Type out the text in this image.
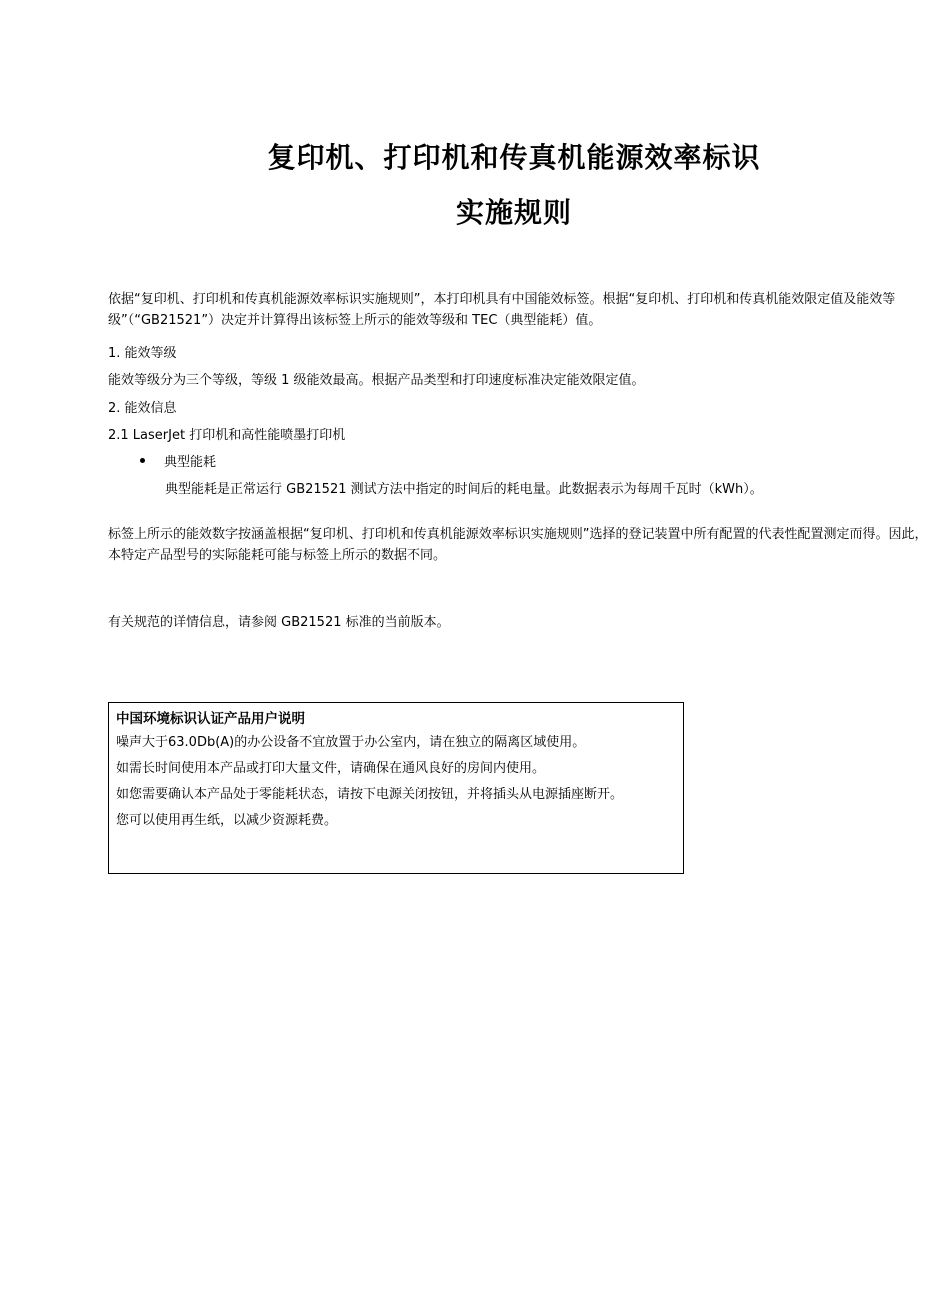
复印机、打印机和传真机能源效率标识
实施规则

依据“复印机、打印机和传真机能源效率标识实施规则”，本打印机具有中国能效标签。根据“复印机、打印机和传真机能效限定值及能效等级”（“GB21521”）决定并计算得出该标签上所示的能效等级和 TEC（典型能耗）值。

1. 能效等级

能效等级分为三个等级，等级 1 级能效最高。根据产品类型和打印速度标准决定能效限定值。

2. 能效信息

2.1 LaserJet 打印机和高性能喷墨打印机

典型能耗

典型能耗是正常运行 GB21521 测试方法中指定的时间后的耗电量。此数据表示为每周千瓦时（kWh）。

标签上所示的能效数字按涵盖根据“复印机、打印机和传真机能源效率标识实施规则”选择的登记装置中所有配置的代表性配置测定而得。因此，本特定产品型号的实际能耗可能与标签上所示的数据不同。

有关规范的详情信息，请参阅 GB21521 标准的当前版本。

中国环境标识认证产品用户说明

噪声大于63.0Db(A)的办公设备不宜放置于办公室内，请在独立的隔离区域使用。

如需长时间使用本产品或打印大量文件，请确保在通风良好的房间内使用。

如您需要确认本产品处于零能耗状态，请按下电源关闭按钮，并将插头从电源插座断开。

您可以使用再生纸，以减少资源耗费。
